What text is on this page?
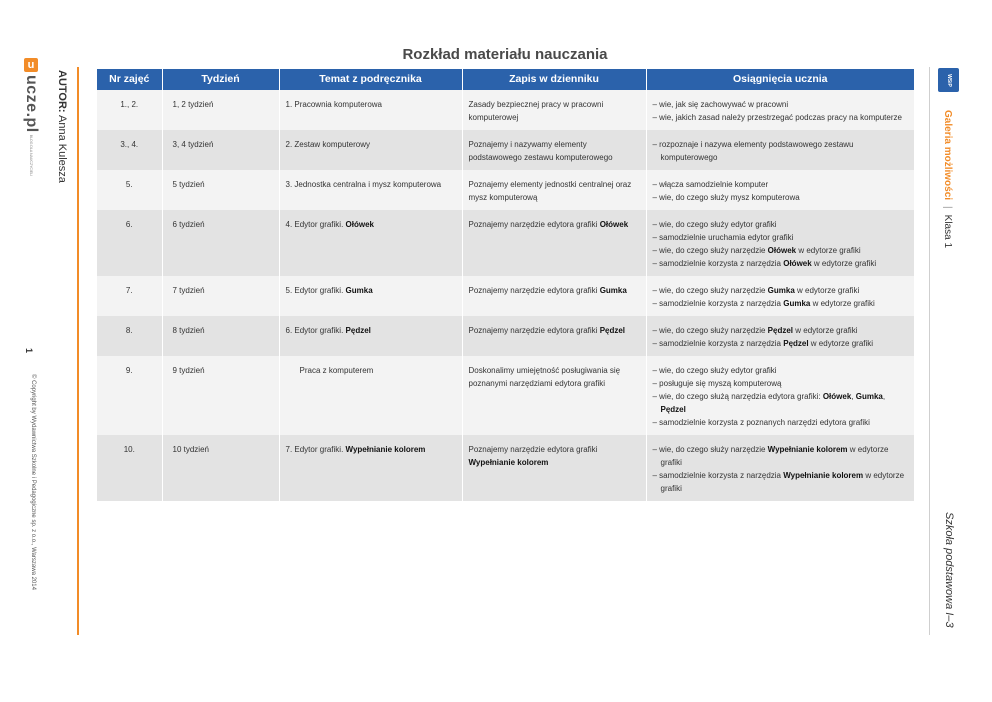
u
ucze.pl
BLOG DLA NAUCZYCIELI
AUTOR: Anna Kulesza
1
© Copyright by Wydawnictwa Szkolne i Pedagogiczne sp. z o.o., Warszawa 2014
Rozkład materiału nauczania
Nr zajęć	Tydzień	Temat z podręcznika	Zapis w dzienniku	Osiągnięcia ucznia
1., 2.	1, 2 tydzień	1. Pracownia komputerowa	Zasady bezpiecznej pracy w pracowni komputerowej	– wie, jak się zachowywać w pracowni
– wie, jakich zasad należy przestrzegać podczas pracy na komputerze

3., 4.	3, 4 tydzień	2. Zestaw komputerowy	Poznajemy i nazywamy elementy podstawowego zestawu komputerowego	– rozpoznaje i nazywa elementy podstawowego zestawu komputerowego

5.	5 tydzień	3. Jednostka centralna i mysz komputerowa	Poznajemy elementy jednostki centralnej oraz mysz komputerową	– włącza samodzielnie komputer
– wie, do czego służy mysz komputerowa

6.	6 tydzień	4. Edytor grafiki. Ołówek	Poznajemy narzędzie edytora grafiki Ołówek	– wie, do czego służy edytor grafiki
– samodzielnie uruchamia edytor grafiki
– wie, do czego służy narzędzie Ołówek w edytorze grafiki
– samodzielnie korzysta z narzędzia Ołówek w edytorze grafiki

7.	7 tydzień	5. Edytor grafiki. Gumka	Poznajemy narzędzie edytora grafiki Gumka	– wie, do czego służy narzędzie Gumka w edytorze grafiki
– samodzielnie korzysta z narzędzia Gumka w edytorze grafiki

8.	8 tydzień	6. Edytor grafiki. Pędzel	Poznajemy narzędzie edytora grafiki Pędzel	– wie, do czego służy narzędzie Pędzel w edytorze grafiki
– samodzielnie korzysta z narzędzia Pędzel w edytorze grafiki

9.	9 tydzień	Praca z komputerem	Doskonalimy umiejętność posługiwania się poznanymi narzędziami edytora grafiki	– wie, do czego służy edytor grafiki
– posługuje się myszą komputerową
– wie, do czego służą narzędzia edytora grafiki: Ołówek, Gumka, Pędzel
– samodzielnie korzysta z poznanych narzędzi edytora grafiki

10.	10 tydzień	7. Edytor grafiki. Wypełnianie kolorem	Poznajemy narzędzie edytora grafiki Wypełnianie kolorem	– wie, do czego służy narzędzie Wypełnianie kolorem w edytorze grafiki
– samodzielnie korzysta z narzędzia Wypełnianie kolorem w edytorze grafiki
WSiP
Galeria możliwości|Klasa 1
Szkoła podstawowa I–3
